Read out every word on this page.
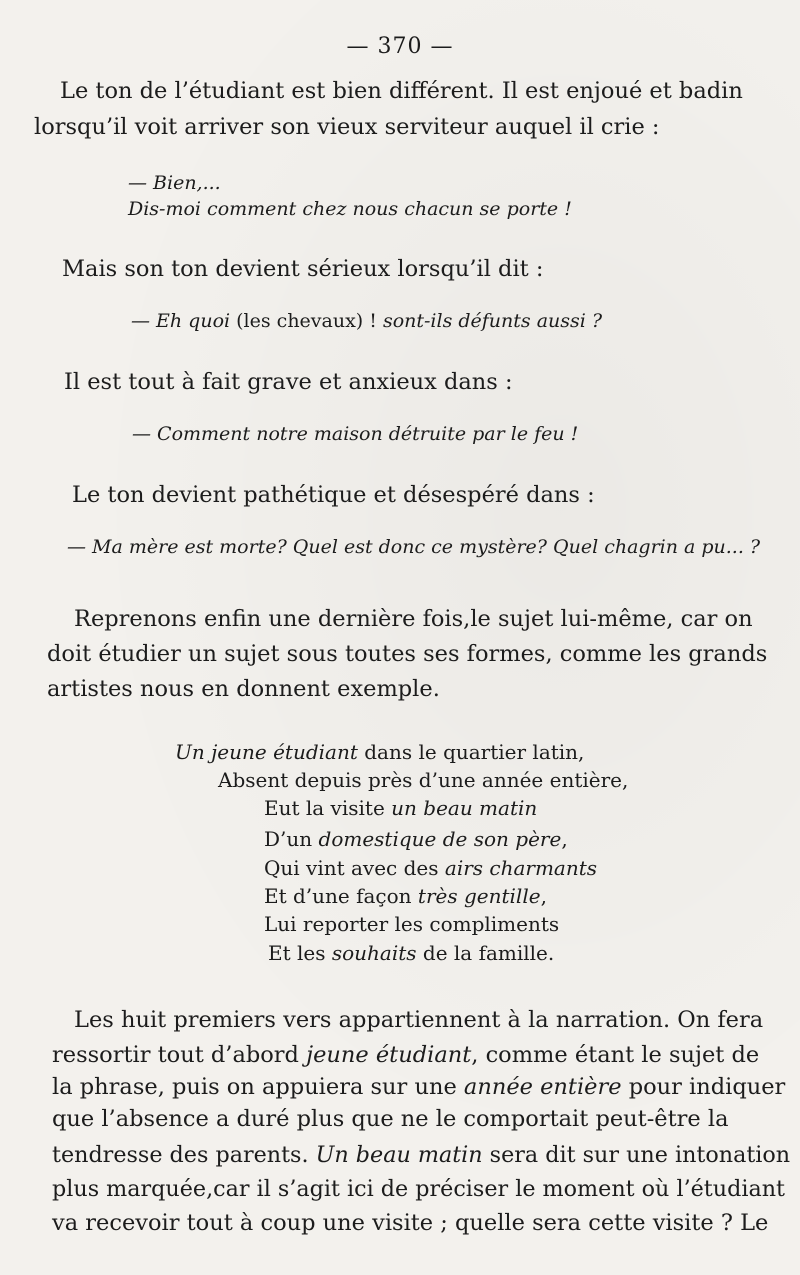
— 370 —
Le ton de l’étudiant est bien différent. Il est enjoué et badin
lorsqu’il voit arriver son vieux serviteur auquel il crie :
— Bien,...
Dis-moi comment chez nous chacun se porte !
Mais son ton devient sérieux lorsqu’il dit :
— Eh quoi (les chevaux) ! sont-ils défunts aussi ?
Il est tout à fait grave et anxieux dans :
— Comment notre maison détruite par le feu !
Le ton devient pathétique et désespéré dans :
— Ma mère est morte? Quel est donc ce mystère? Quel chagrin a pu... ?
Reprenons enfin une dernière fois,le sujet lui-même, car on
doit étudier un sujet sous toutes ses formes, comme les grands
artistes nous en donnent exemple.
Un jeune étudiant dans le quartier latin,
Absent depuis près d’une année entière,
Eut la visite un beau matin
D’un domestique de son père,
Qui vint avec des airs charmants
Et d’une façon très gentille,
Lui reporter les compliments
Et les souhaits de la famille.
Les huit premiers vers appartiennent à la narration. On fera
ressortir tout d’abord jeune étudiant, comme étant le sujet de
la phrase, puis on appuiera sur une année entière pour indiquer
que l’absence a duré plus que ne le comportait peut-être la
tendresse des parents. Un beau matin sera dit sur une intonation
plus marquée,car il s’agit ici de préciser le moment où l’étudiant
va recevoir tout à coup une visite ; quelle sera cette visite ? Le
